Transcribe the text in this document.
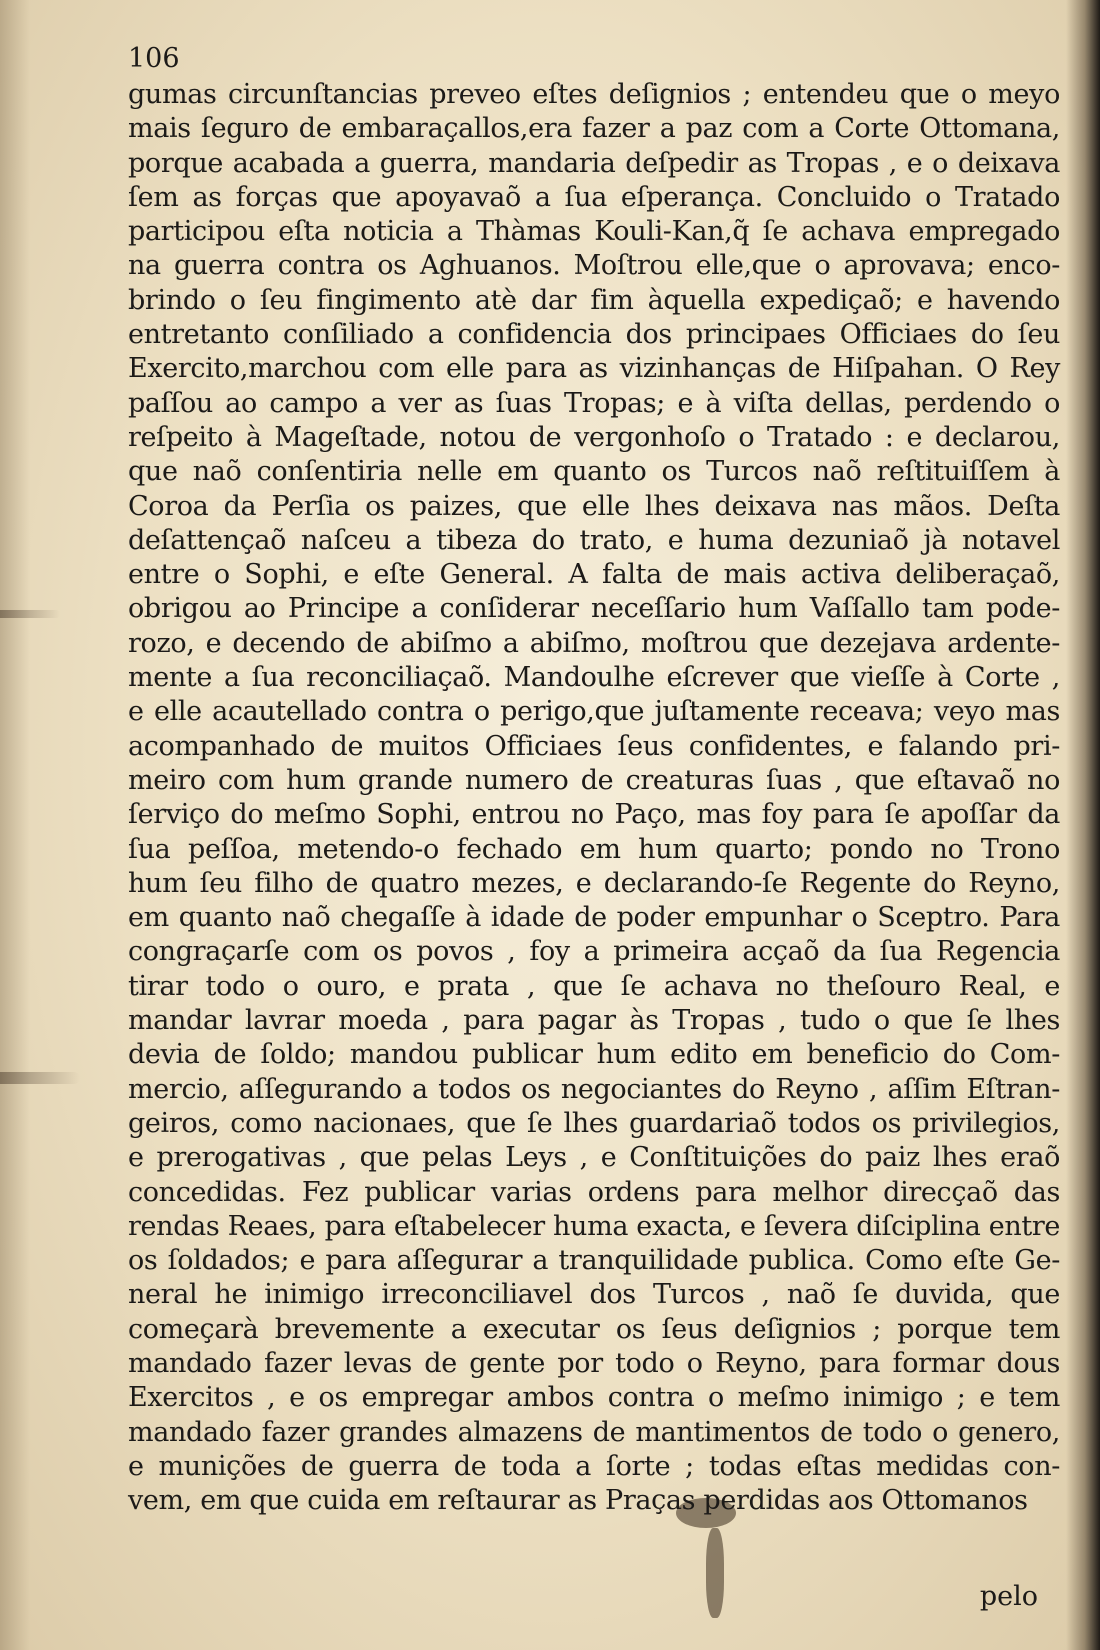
106
gumas circunſtancias preveo eſtes deſignios ; entendeu que o meyo
mais ſeguro de embaraçallos,era fazer a paz com a Corte Ottomana,
porque acabada a guerra, mandaria deſpedir as Tropas , e o deixava
ſem as forças que apoyavaõ a ſua eſperança. Concluido o Tratado
participou eſta noticia a Thàmas Kouli-Kan,q̃ ſe achava empregado
na guerra contra os Aghuanos. Moſtrou elle,que o aprovava; enco-
brindo o ſeu fingimento atè dar fim àquella expediçaõ; e havendo
entretanto conſiliado a confidencia dos principaes Officiaes do ſeu
Exercito,marchou com elle para as vizinhanças de Hiſpahan. O Rey
paſſou ao campo a ver as ſuas Tropas; e à viſta dellas, perdendo o
reſpeito à Mageſtade, notou de vergonhoſo o Tratado : e declarou,
que naõ conſentiria nelle em quanto os Turcos naõ reſtituiſſem à
Coroa da Perſia os paizes, que elle lhes deixava nas mãos. Deſta
deſattençaõ naſceu a tibeza do trato, e huma dezuniaõ jà notavel
entre o Sophi, e eſte General. A falta de mais activa deliberaçaõ,
obrigou ao Principe a conſiderar neceſſario hum Vaſſallo tam pode-
rozo, e decendo de abiſmo a abiſmo, moſtrou que dezejava ardente-
mente a ſua reconciliaçaõ. Mandoulhe eſcrever que vieſſe à Corte ,
e elle acautellado contra o perigo,que juſtamente receava; veyo mas
acompanhado de muitos Officiaes ſeus confidentes, e falando pri-
meiro com hum grande numero de creaturas ſuas , que eſtavaõ no
ſerviço do meſmo Sophi, entrou no Paço, mas foy para ſe apoſſar da
ſua peſſoa, metendo-o fechado em hum quarto; pondo no Trono
hum ſeu filho de quatro mezes, e declarando-ſe Regente do Reyno,
em quanto naõ chegaſſe à idade de poder empunhar o Sceptro. Para
congraçarſe com os povos , foy a primeira acçaõ da ſua Regencia
tirar todo o ouro, e prata , que ſe achava no theſouro Real, e
mandar lavrar moeda , para pagar às Tropas , tudo o que ſe lhes
devia de ſoldo; mandou publicar hum edito em beneficio do Com-
mercio, aſſegurando a todos os negociantes do Reyno , aſſim Eſtran-
geiros, como nacionaes, que ſe lhes guardariaõ todos os privilegios,
e prerogativas , que pelas Leys , e Conſtituições do paiz lhes eraõ
concedidas. Fez publicar varias ordens para melhor direcçaõ das
rendas Reaes, para eſtabelecer huma exacta, e ſevera diſciplina entre
os ſoldados; e para aſſegurar a tranquilidade publica. Como eſte Ge-
neral he inimigo irreconciliavel dos Turcos , naõ ſe duvida, que
começarà brevemente a executar os ſeus deſignios ; porque tem
mandado fazer levas de gente por todo o Reyno, para formar dous
Exercitos , e os empregar ambos contra o meſmo inimigo ; e tem
mandado fazer grandes almazens de mantimentos de todo o genero,
e munições de guerra de toda a ſorte ; todas eſtas medidas con-
vem, em que cuida em reſtaurar as Praças perdidas aos Ottomanos
pelo
